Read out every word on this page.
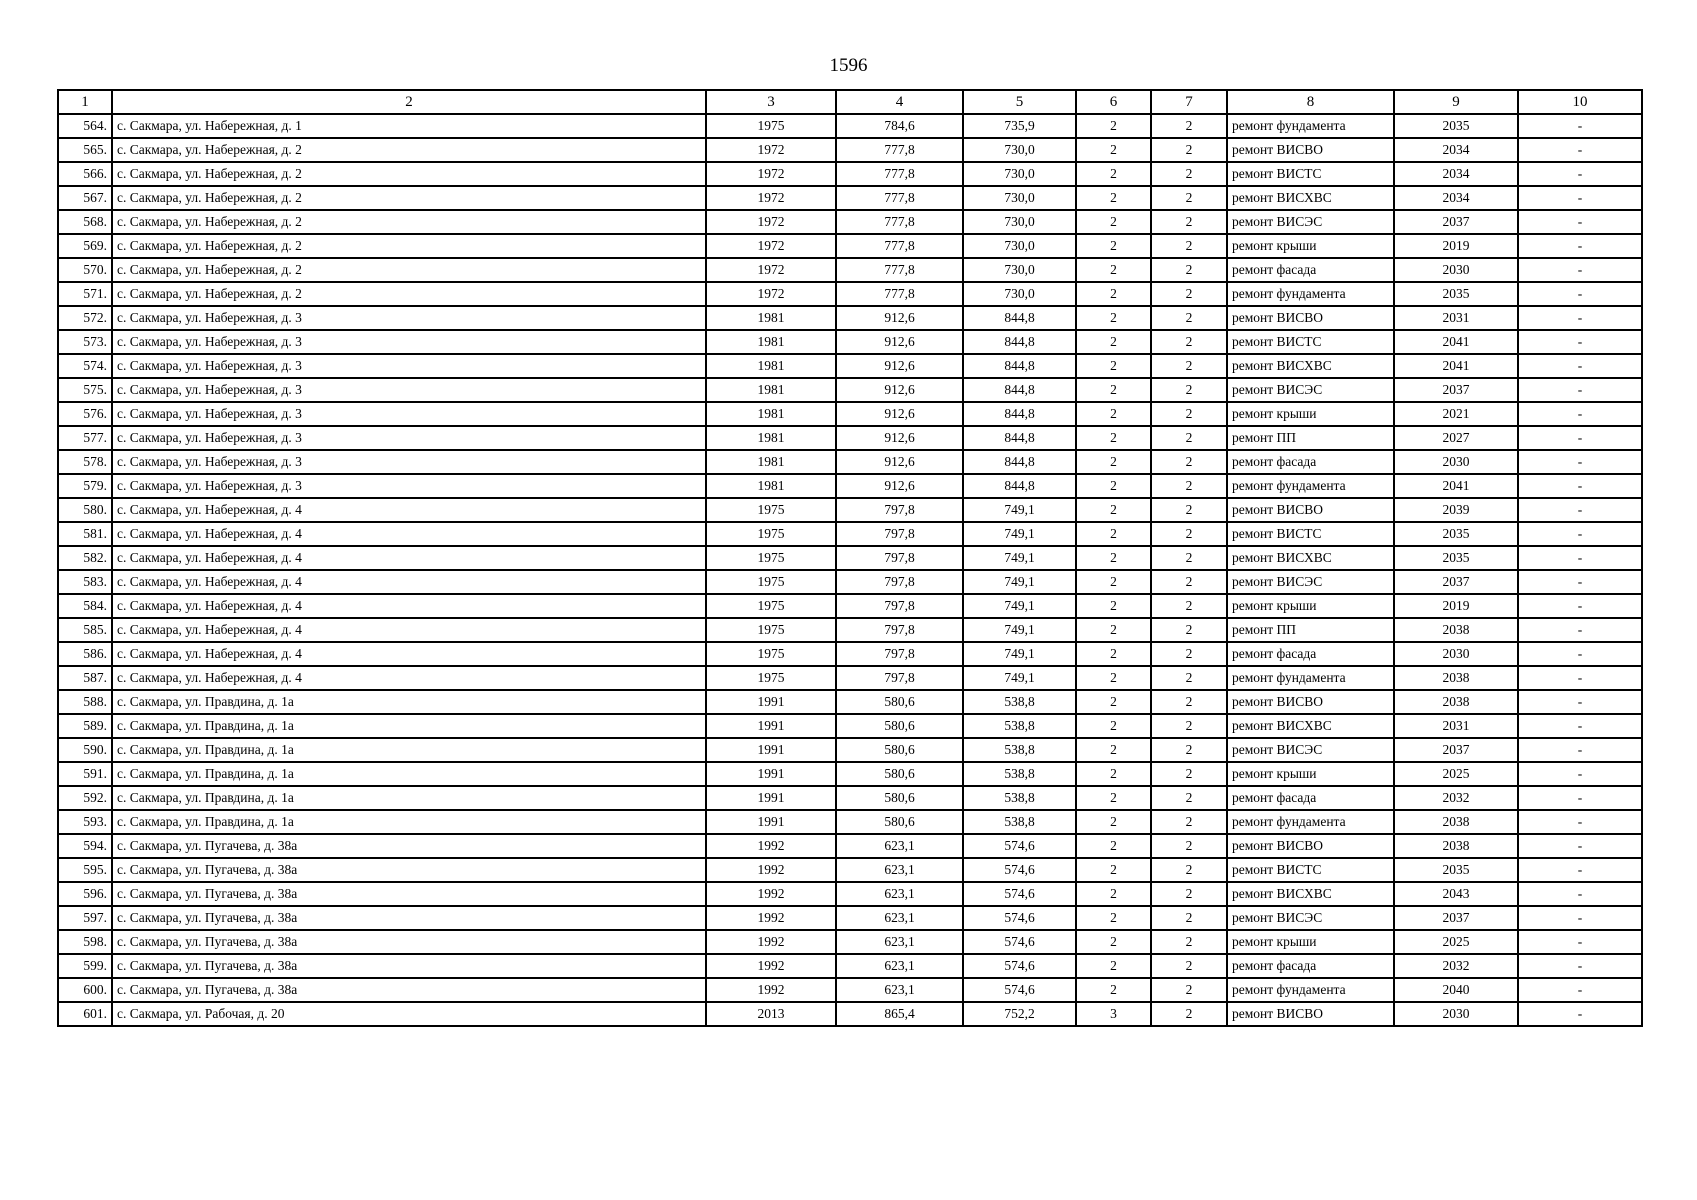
1596
1	2	3	4	5	6	7	8	9	10
564.	с. Сакмара, ул. Набережная, д. 1	1975	784,6	735,9	2	2	ремонт фундамента	2035	-
565.	с. Сакмара, ул. Набережная, д. 2	1972	777,8	730,0	2	2	ремонт ВИСВО	2034	-
566.	с. Сакмара, ул. Набережная, д. 2	1972	777,8	730,0	2	2	ремонт ВИСТС	2034	-
567.	с. Сакмара, ул. Набережная, д. 2	1972	777,8	730,0	2	2	ремонт ВИСХВС	2034	-
568.	с. Сакмара, ул. Набережная, д. 2	1972	777,8	730,0	2	2	ремонт ВИСЭС	2037	-
569.	с. Сакмара, ул. Набережная, д. 2	1972	777,8	730,0	2	2	ремонт крыши	2019	-
570.	с. Сакмара, ул. Набережная, д. 2	1972	777,8	730,0	2	2	ремонт фасада	2030	-
571.	с. Сакмара, ул. Набережная, д. 2	1972	777,8	730,0	2	2	ремонт фундамента	2035	-
572.	с. Сакмара, ул. Набережная, д. 3	1981	912,6	844,8	2	2	ремонт ВИСВО	2031	-
573.	с. Сакмара, ул. Набережная, д. 3	1981	912,6	844,8	2	2	ремонт ВИСТС	2041	-
574.	с. Сакмара, ул. Набережная, д. 3	1981	912,6	844,8	2	2	ремонт ВИСХВС	2041	-
575.	с. Сакмара, ул. Набережная, д. 3	1981	912,6	844,8	2	2	ремонт ВИСЭС	2037	-
576.	с. Сакмара, ул. Набережная, д. 3	1981	912,6	844,8	2	2	ремонт крыши	2021	-
577.	с. Сакмара, ул. Набережная, д. 3	1981	912,6	844,8	2	2	ремонт ПП	2027	-
578.	с. Сакмара, ул. Набережная, д. 3	1981	912,6	844,8	2	2	ремонт фасада	2030	-
579.	с. Сакмара, ул. Набережная, д. 3	1981	912,6	844,8	2	2	ремонт фундамента	2041	-
580.	с. Сакмара, ул. Набережная, д. 4	1975	797,8	749,1	2	2	ремонт ВИСВО	2039	-
581.	с. Сакмара, ул. Набережная, д. 4	1975	797,8	749,1	2	2	ремонт ВИСТС	2035	-
582.	с. Сакмара, ул. Набережная, д. 4	1975	797,8	749,1	2	2	ремонт ВИСХВС	2035	-
583.	с. Сакмара, ул. Набережная, д. 4	1975	797,8	749,1	2	2	ремонт ВИСЭС	2037	-
584.	с. Сакмара, ул. Набережная, д. 4	1975	797,8	749,1	2	2	ремонт крыши	2019	-
585.	с. Сакмара, ул. Набережная, д. 4	1975	797,8	749,1	2	2	ремонт ПП	2038	-
586.	с. Сакмара, ул. Набережная, д. 4	1975	797,8	749,1	2	2	ремонт фасада	2030	-
587.	с. Сакмара, ул. Набережная, д. 4	1975	797,8	749,1	2	2	ремонт фундамента	2038	-
588.	с. Сакмара, ул. Правдина, д. 1а	1991	580,6	538,8	2	2	ремонт ВИСВО	2038	-
589.	с. Сакмара, ул. Правдина, д. 1а	1991	580,6	538,8	2	2	ремонт ВИСХВС	2031	-
590.	с. Сакмара, ул. Правдина, д. 1а	1991	580,6	538,8	2	2	ремонт ВИСЭС	2037	-
591.	с. Сакмара, ул. Правдина, д. 1а	1991	580,6	538,8	2	2	ремонт крыши	2025	-
592.	с. Сакмара, ул. Правдина, д. 1а	1991	580,6	538,8	2	2	ремонт фасада	2032	-
593.	с. Сакмара, ул. Правдина, д. 1а	1991	580,6	538,8	2	2	ремонт фундамента	2038	-
594.	с. Сакмара, ул. Пугачева, д. 38а	1992	623,1	574,6	2	2	ремонт ВИСВО	2038	-
595.	с. Сакмара, ул. Пугачева, д. 38а	1992	623,1	574,6	2	2	ремонт ВИСТС	2035	-
596.	с. Сакмара, ул. Пугачева, д. 38а	1992	623,1	574,6	2	2	ремонт ВИСХВС	2043	-
597.	с. Сакмара, ул. Пугачева, д. 38а	1992	623,1	574,6	2	2	ремонт ВИСЭС	2037	-
598.	с. Сакмара, ул. Пугачева, д. 38а	1992	623,1	574,6	2	2	ремонт крыши	2025	-
599.	с. Сакмара, ул. Пугачева, д. 38а	1992	623,1	574,6	2	2	ремонт фасада	2032	-
600.	с. Сакмара, ул. Пугачева, д. 38а	1992	623,1	574,6	2	2	ремонт фундамента	2040	-
601.	с. Сакмара, ул. Рабочая, д. 20	2013	865,4	752,2	3	2	ремонт ВИСВО	2030	-
